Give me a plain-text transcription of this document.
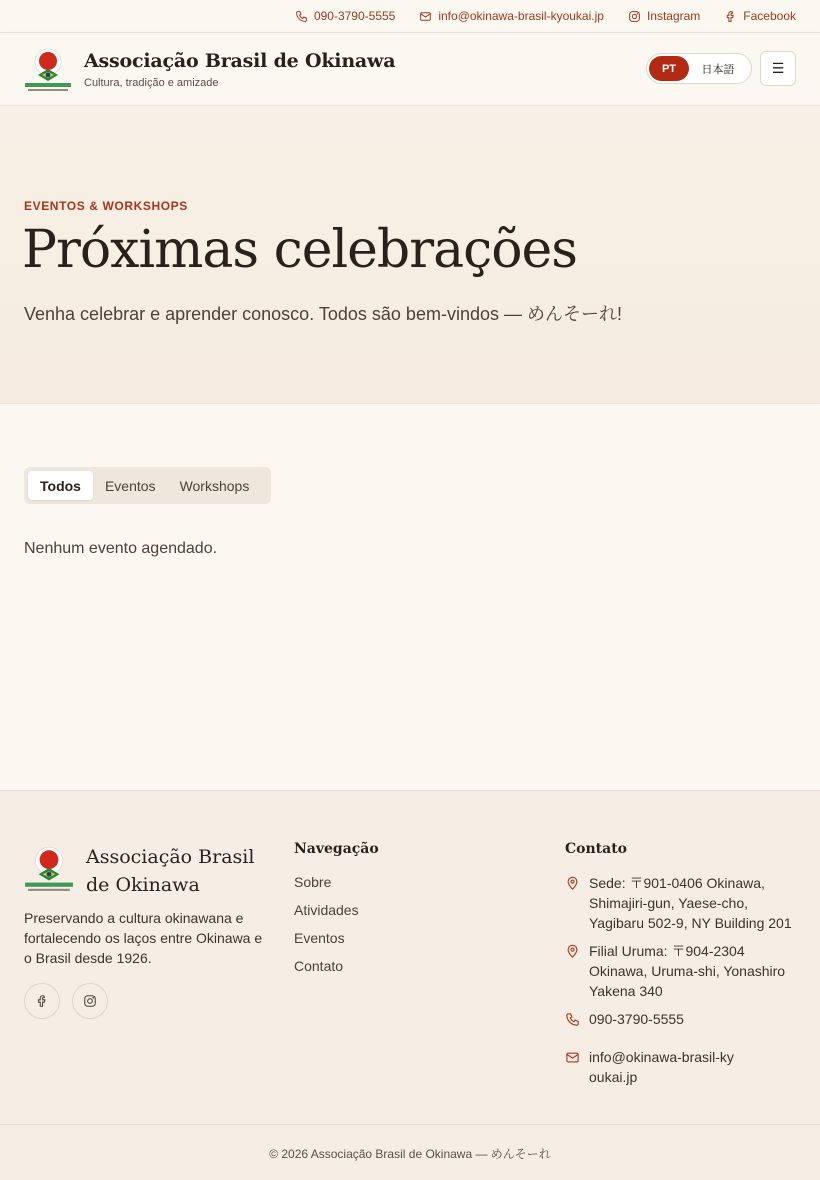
090-3790-5555	info@okinawa-brasil-kyoukai.jp	Instagram	Facebook
Associação Brasil de Okinawa
Cultura, tradição e amizade
PT	日本語	☰
EVENTOS & WORKSHOPS
Próximas celebrações
Venha celebrar e aprender conosco. Todos são bem-vindos — めんそーれ!
Todos	Eventos	Workshops
Nenhum evento agendado.
Associação Brasil de Okinawa
Preservando a cultura okinawana e fortalecendo os laços entre Okinawa e o Brasil desde 1926.
Navegação
Sobre
Atividades
Eventos
Contato
Contato
Sede: 〒901-0406 Okinawa, Shimajiri-gun, Yaese-cho, Yagibaru 502-9, NY Building 201
Filial Uruma: 〒904-2304 Okinawa, Uruma-shi, Yonashiro Yakena 340
090-3790-5555
info@okinawa-brasil-kyoukai.jp
© 2026 Associação Brasil de Okinawa — めんそーれ
